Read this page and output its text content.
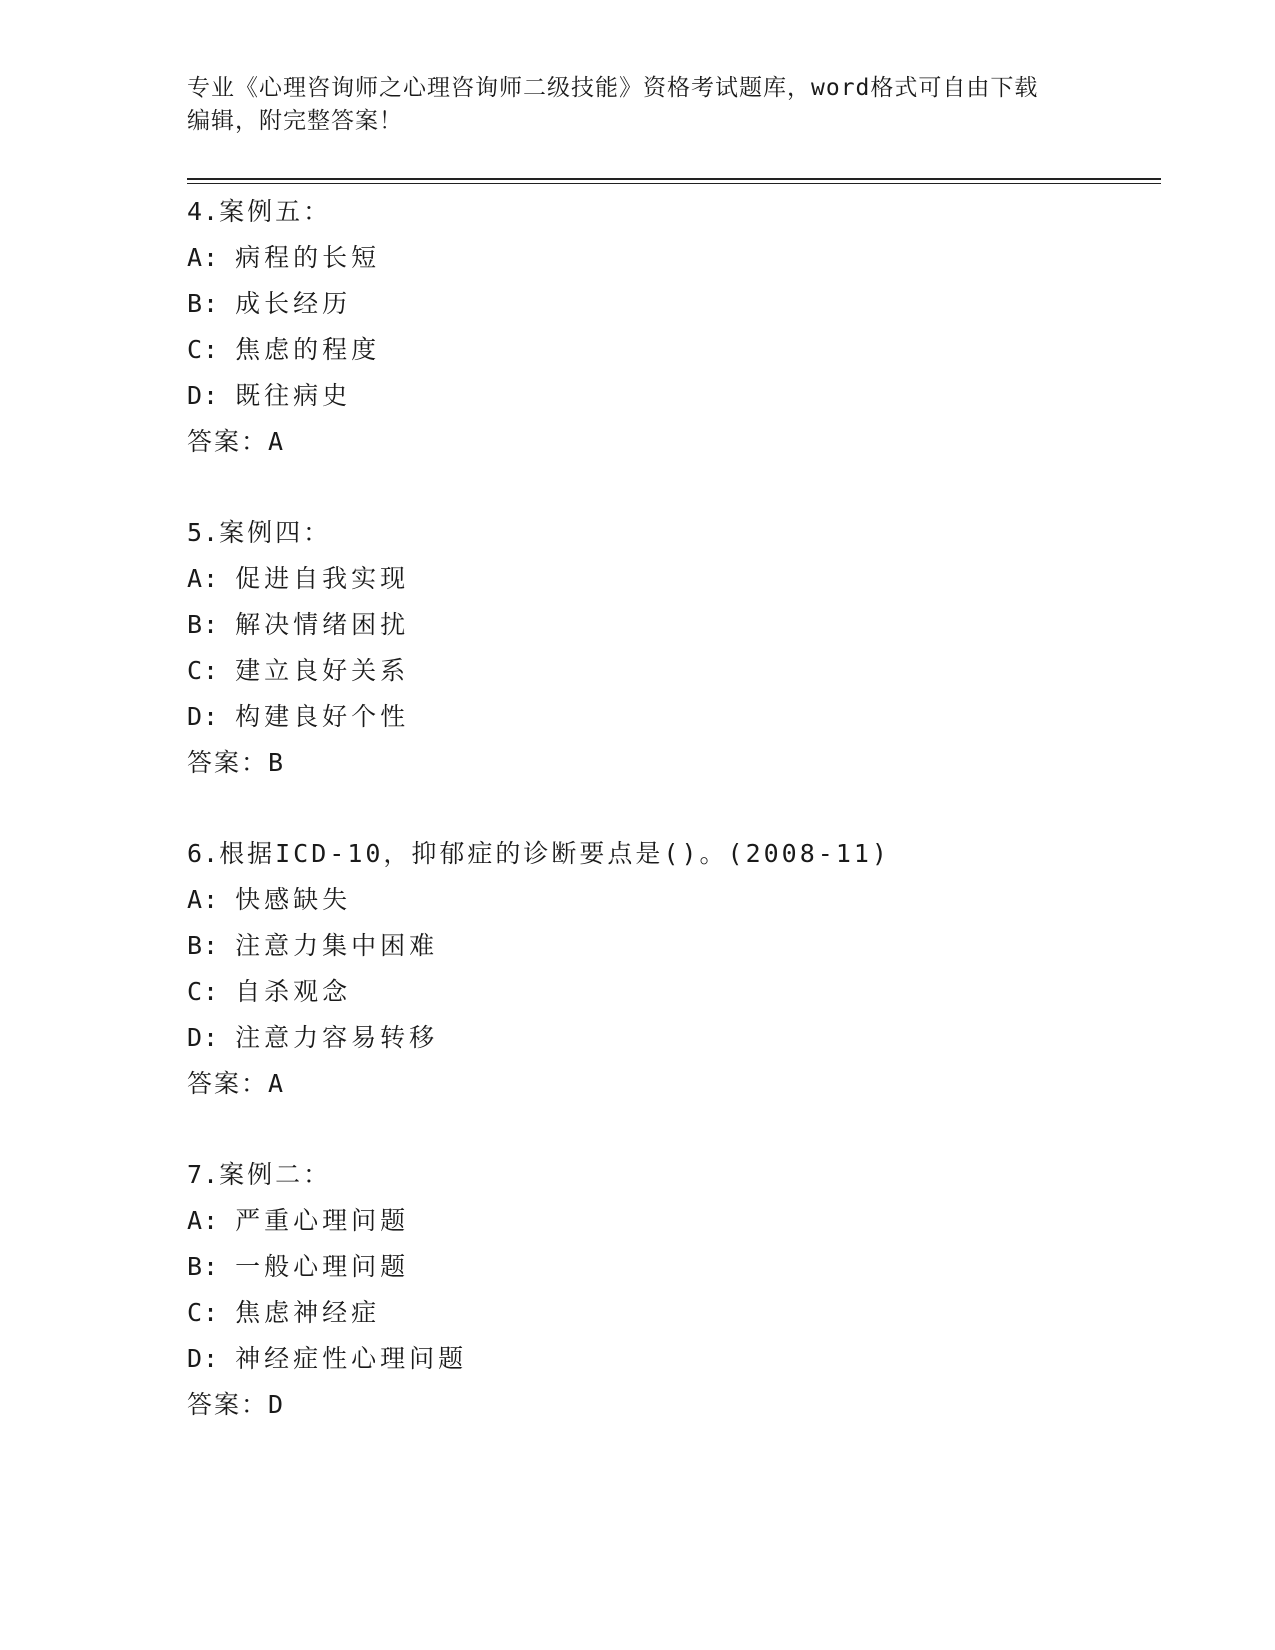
专业《心理咨询师之心理咨询师二级技能》资格考试题库，word格式可自由下载
编辑，附完整答案！
4.案例五：
A: 病程的长短
B: 成长经历
C: 焦虑的程度
D: 既往病史
答案：A
5.案例四：
A: 促进自我实现
B: 解决情绪困扰
C: 建立良好关系
D: 构建良好个性
答案：B
6.根据ICD-10，抑郁症的诊断要点是()。(2008-11)
A: 快感缺失
B: 注意力集中困难
C: 自杀观念
D: 注意力容易转移
答案：A
7.案例二：
A: 严重心理问题
B: 一般心理问题
C: 焦虑神经症
D: 神经症性心理问题
答案：D
